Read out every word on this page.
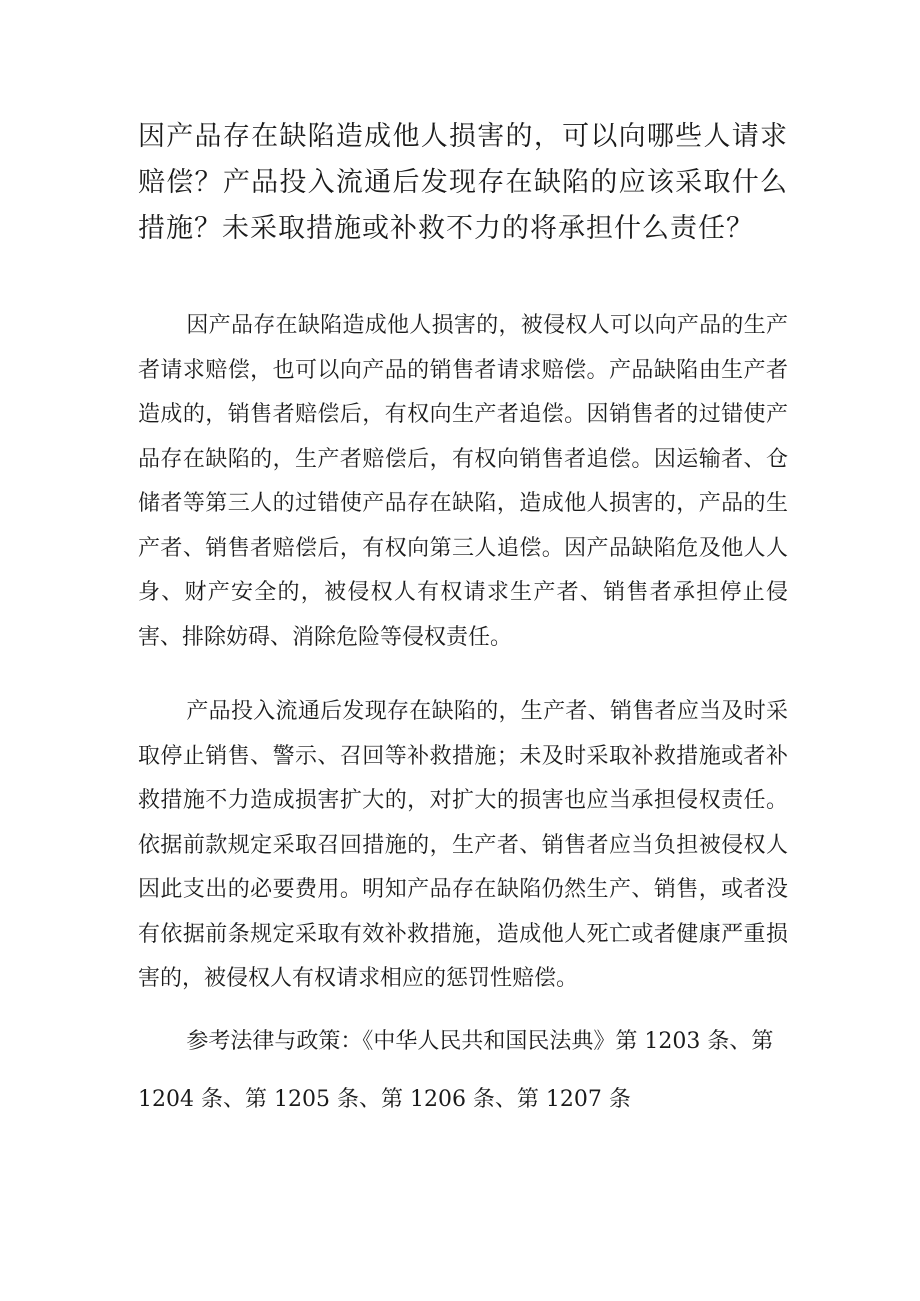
因产品存在缺陷造成他人损害的，可以向哪些人请求赔偿？产品投入流通后发现存在缺陷的应该采取什么措施？未采取措施或补救不力的将承担什么责任？

因产品存在缺陷造成他人损害的，被侵权人可以向产品的生产者请求赔偿，也可以向产品的销售者请求赔偿。产品缺陷由生产者造成的，销售者赔偿后，有权向生产者追偿。因销售者的过错使产品存在缺陷的，生产者赔偿后，有权向销售者追偿。因运输者、仓储者等第三人的过错使产品存在缺陷，造成他人损害的，产品的生产者、销售者赔偿后，有权向第三人追偿。因产品缺陷危及他人人身、财产安全的，被侵权人有权请求生产者、销售者承担停止侵害、排除妨碍、消除危险等侵权责任。

产品投入流通后发现存在缺陷的，生产者、销售者应当及时采取停止销售、警示、召回等补救措施；未及时采取补救措施或者补救措施不力造成损害扩大的，对扩大的损害也应当承担侵权责任。依据前款规定采取召回措施的，生产者、销售者应当负担被侵权人因此支出的必要费用。明知产品存在缺陷仍然生产、销售，或者没有依据前条规定采取有效补救措施，造成他人死亡或者健康严重损害的，被侵权人有权请求相应的惩罚性赔偿。

参考法律与政策：《中华人民共和国民法典》第 1203 条、第 1204 条、第 1205 条、第 1206 条、第 1207 条
